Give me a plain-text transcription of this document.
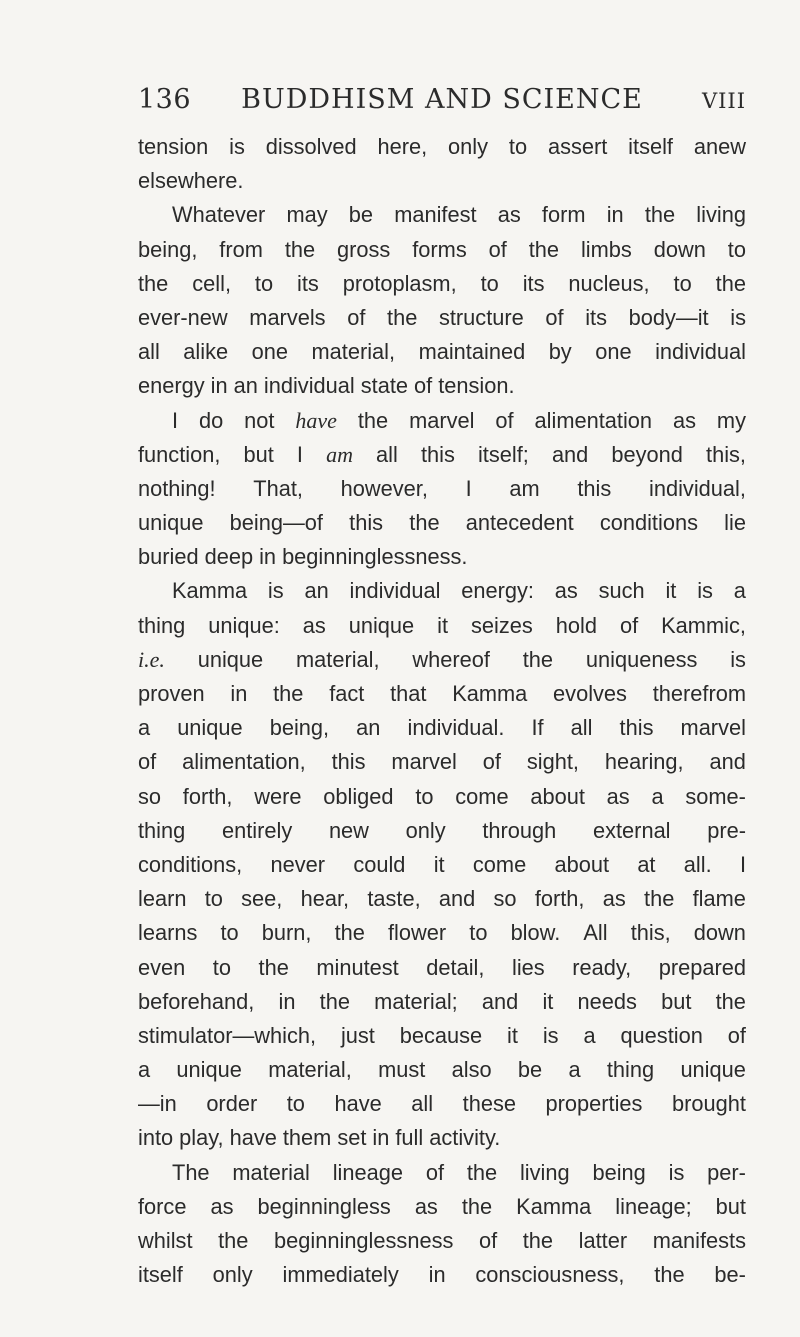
136	BUDDHISM AND SCIENCE	VIII
tension is dissolved here, only to assert itself anew
elsewhere.
Whatever may be manifest as form in the living
being, from the gross forms of the limbs down to
the cell, to its protoplasm, to its nucleus, to the
ever-new marvels of the structure of its body—it is
all alike one material, maintained by one individual
energy in an individual state of tension.
I do not have the marvel of alimentation as my
function, but I am all this itself; and beyond this,
nothing! That, however, I am this individual,
unique being—of this the antecedent conditions lie
buried deep in beginninglessness.
Kamma is an individual energy: as such it is a
thing unique: as unique it seizes hold of Kammic,
i.e. unique material, whereof the uniqueness is
proven in the fact that Kamma evolves therefrom
a unique being, an individual. If all this marvel
of alimentation, this marvel of sight, hearing, and
so forth, were obliged to come about as a some-
thing entirely new only through external pre-
conditions, never could it come about at all. I
learn to see, hear, taste, and so forth, as the flame
learns to burn, the flower to blow. All this, down
even to the minutest detail, lies ready, prepared
beforehand, in the material; and it needs but the
stimulator—which, just because it is a question of
a unique material, must also be a thing unique
—in order to have all these properties brought
into play, have them set in full activity.
The material lineage of the living being is per-
force as beginningless as the Kamma lineage; but
whilst the beginninglessness of the latter manifests
itself only immediately in consciousness, the be-
